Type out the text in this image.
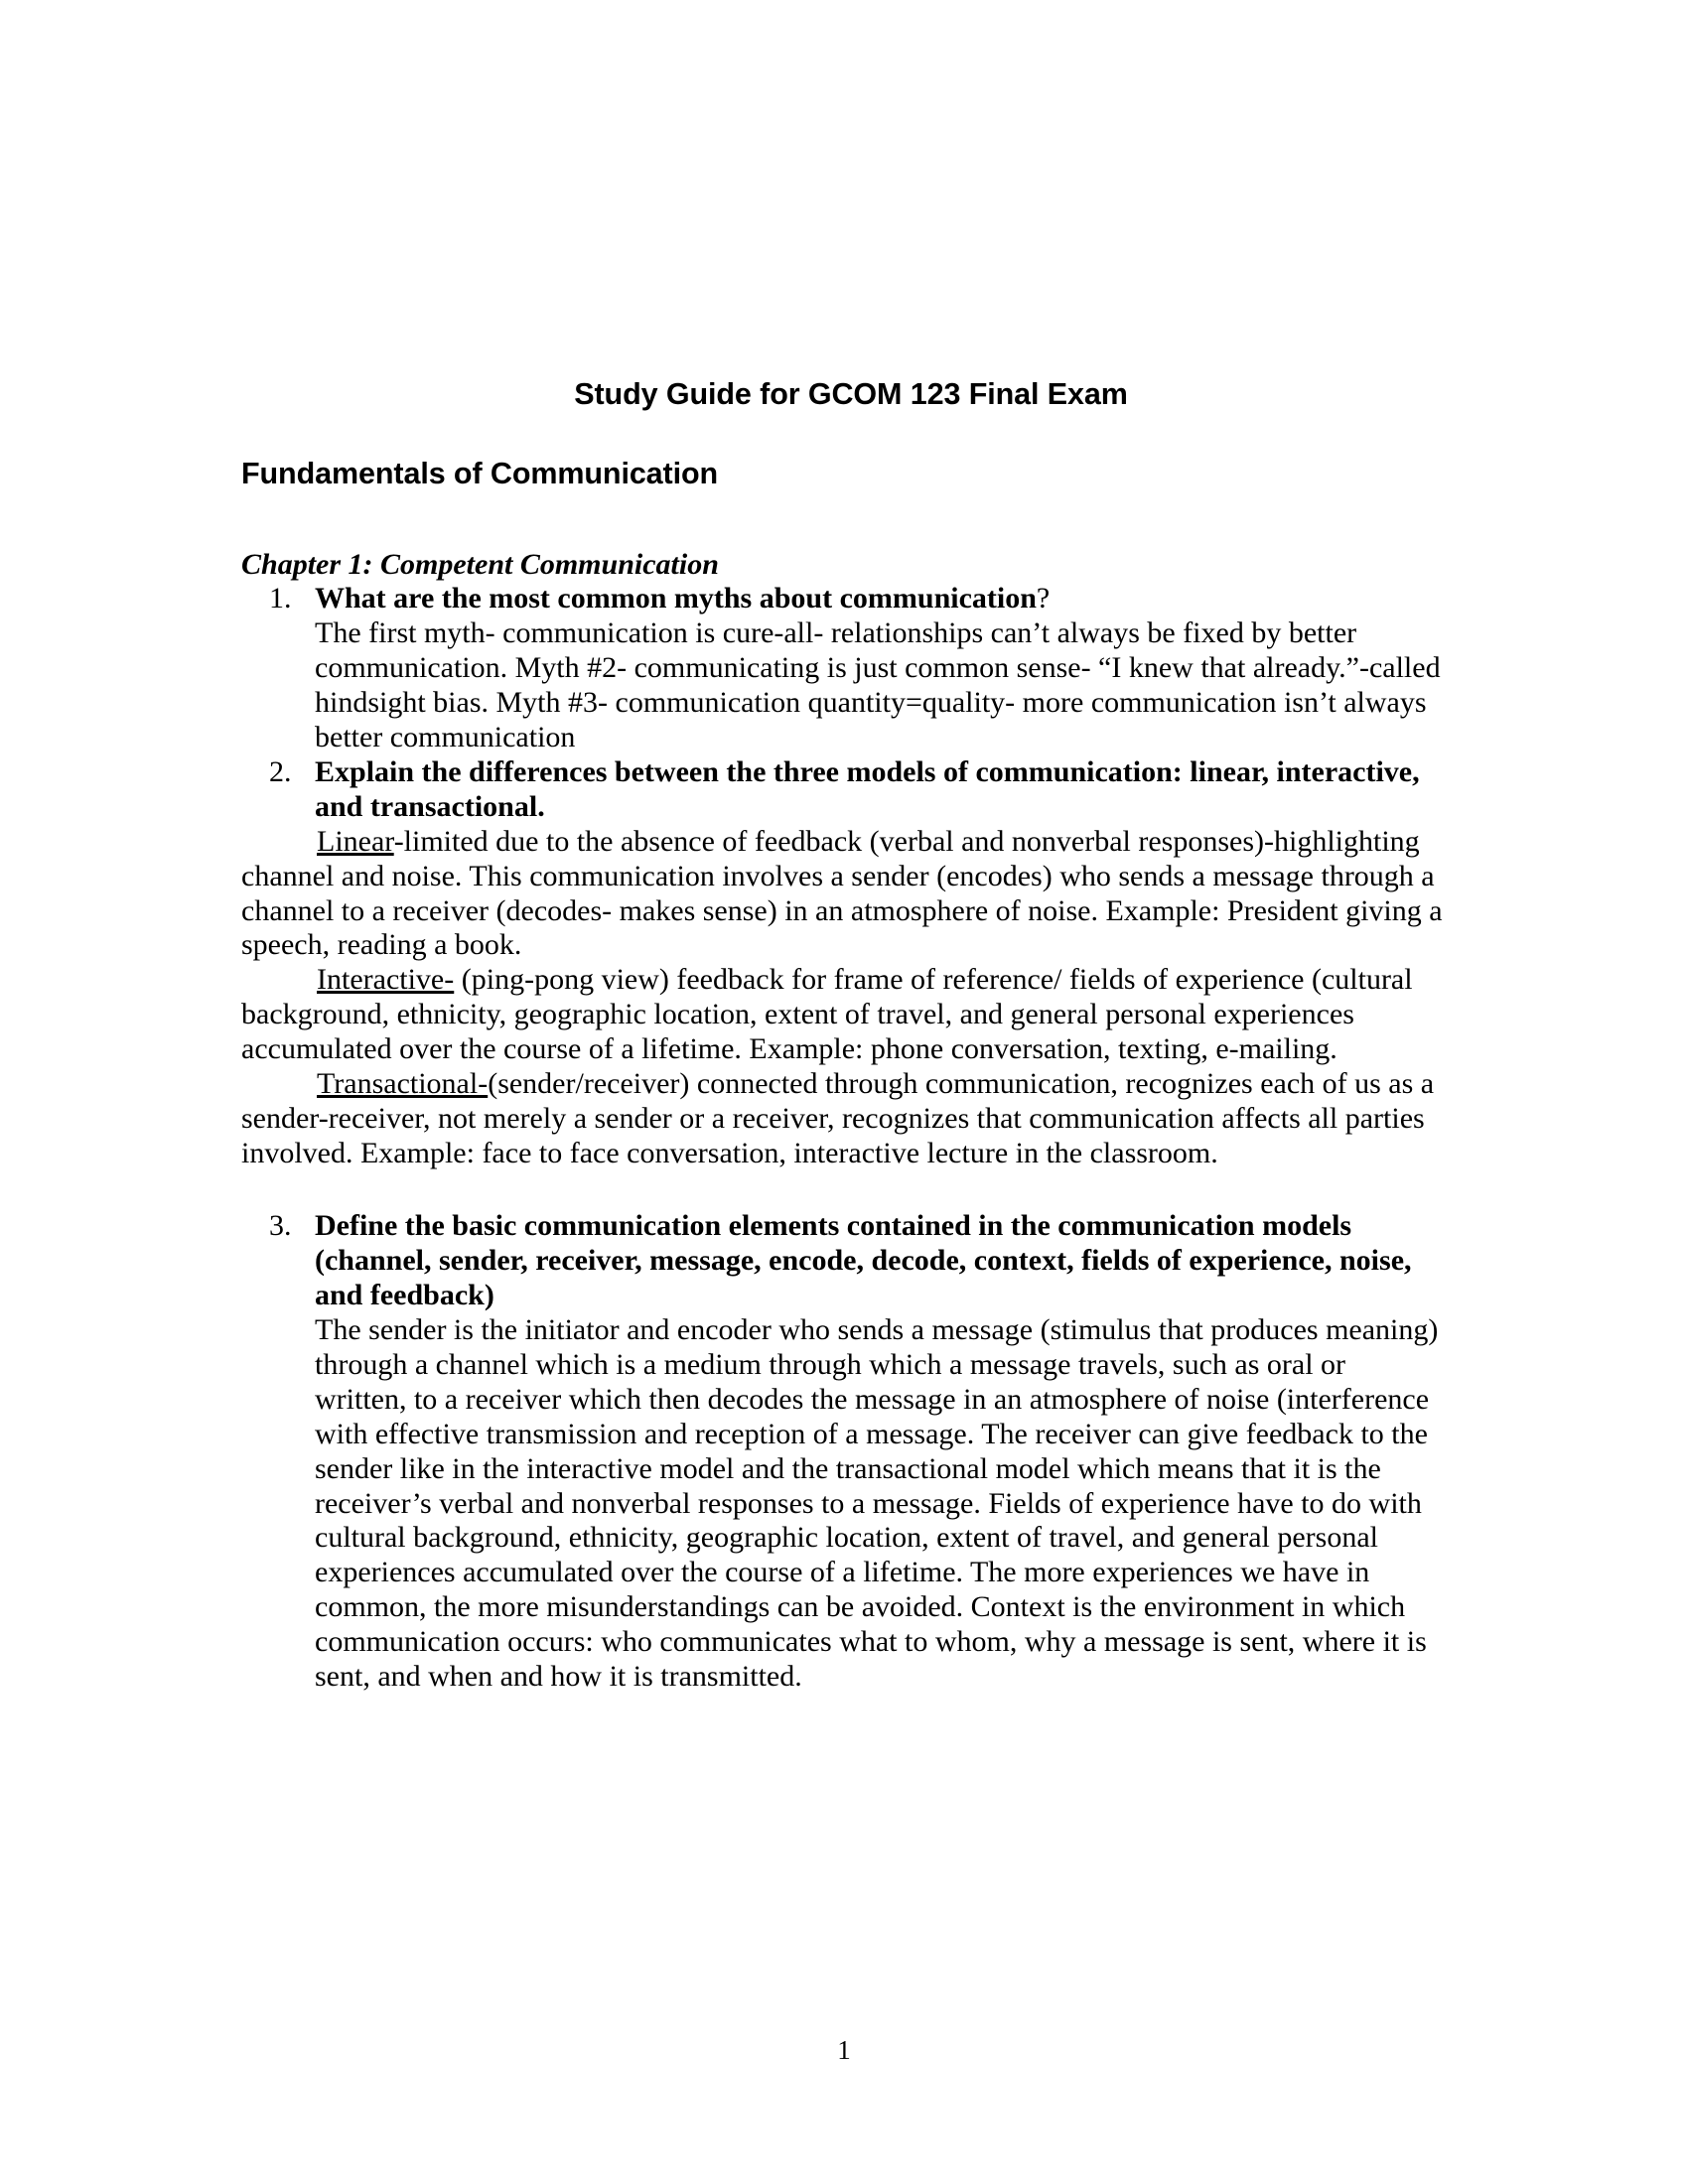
Study Guide for GCOM 123 Final Exam
Fundamentals of Communication
Chapter 1: Competent Communication
1. What are the most common myths about communication?

The first myth- communication is cure-all- relationships can’t always be fixed by better communication. Myth #2- communicating is just common sense- “I knew that already.”-called hindsight bias. Myth #3- communication quantity=quality- more communication isn’t always better communication

2. Explain the differences between the three models of communication: linear, interactive, and transactional.

Linear-limited due to the absence of feedback (verbal and nonverbal responses)-highlighting channel and noise. This communication involves a sender (encodes) who sends a message through a channel to a receiver (decodes- makes sense) in an atmosphere of noise. Example: President giving a speech, reading a book.

Interactive- (ping-pong view) feedback for frame of reference/ fields of experience (cultural background, ethnicity, geographic location, extent of travel, and general personal experiences accumulated over the course of a lifetime. Example: phone conversation, texting, e-mailing.

Transactional-(sender/receiver) connected through communication, recognizes each of us as a sender-receiver, not merely a sender or a receiver, recognizes that communication affects all parties involved. Example: face to face conversation, interactive lecture in the classroom.

3. Define the basic communication elements contained in the communication models (channel, sender, receiver, message, encode, decode, context, fields of experience, noise, and feedback)

The sender is the initiator and encoder who sends a message (stimulus that produces meaning) through a channel which is a medium through which a message travels, such as oral or written, to a receiver which then decodes the message in an atmosphere of noise (interference with effective transmission and reception of a message. The receiver can give feedback to the sender like in the interactive model and the transactional model which means that it is the receiver’s verbal and nonverbal responses to a message. Fields of experience have to do with cultural background, ethnicity, geographic location, extent of travel, and general personal experiences accumulated over the course of a lifetime. The more experiences we have in common, the more misunderstandings can be avoided. Context is the environment in which communication occurs: who communicates what to whom, why a message is sent, where it is sent, and when and how it is transmitted.

1
